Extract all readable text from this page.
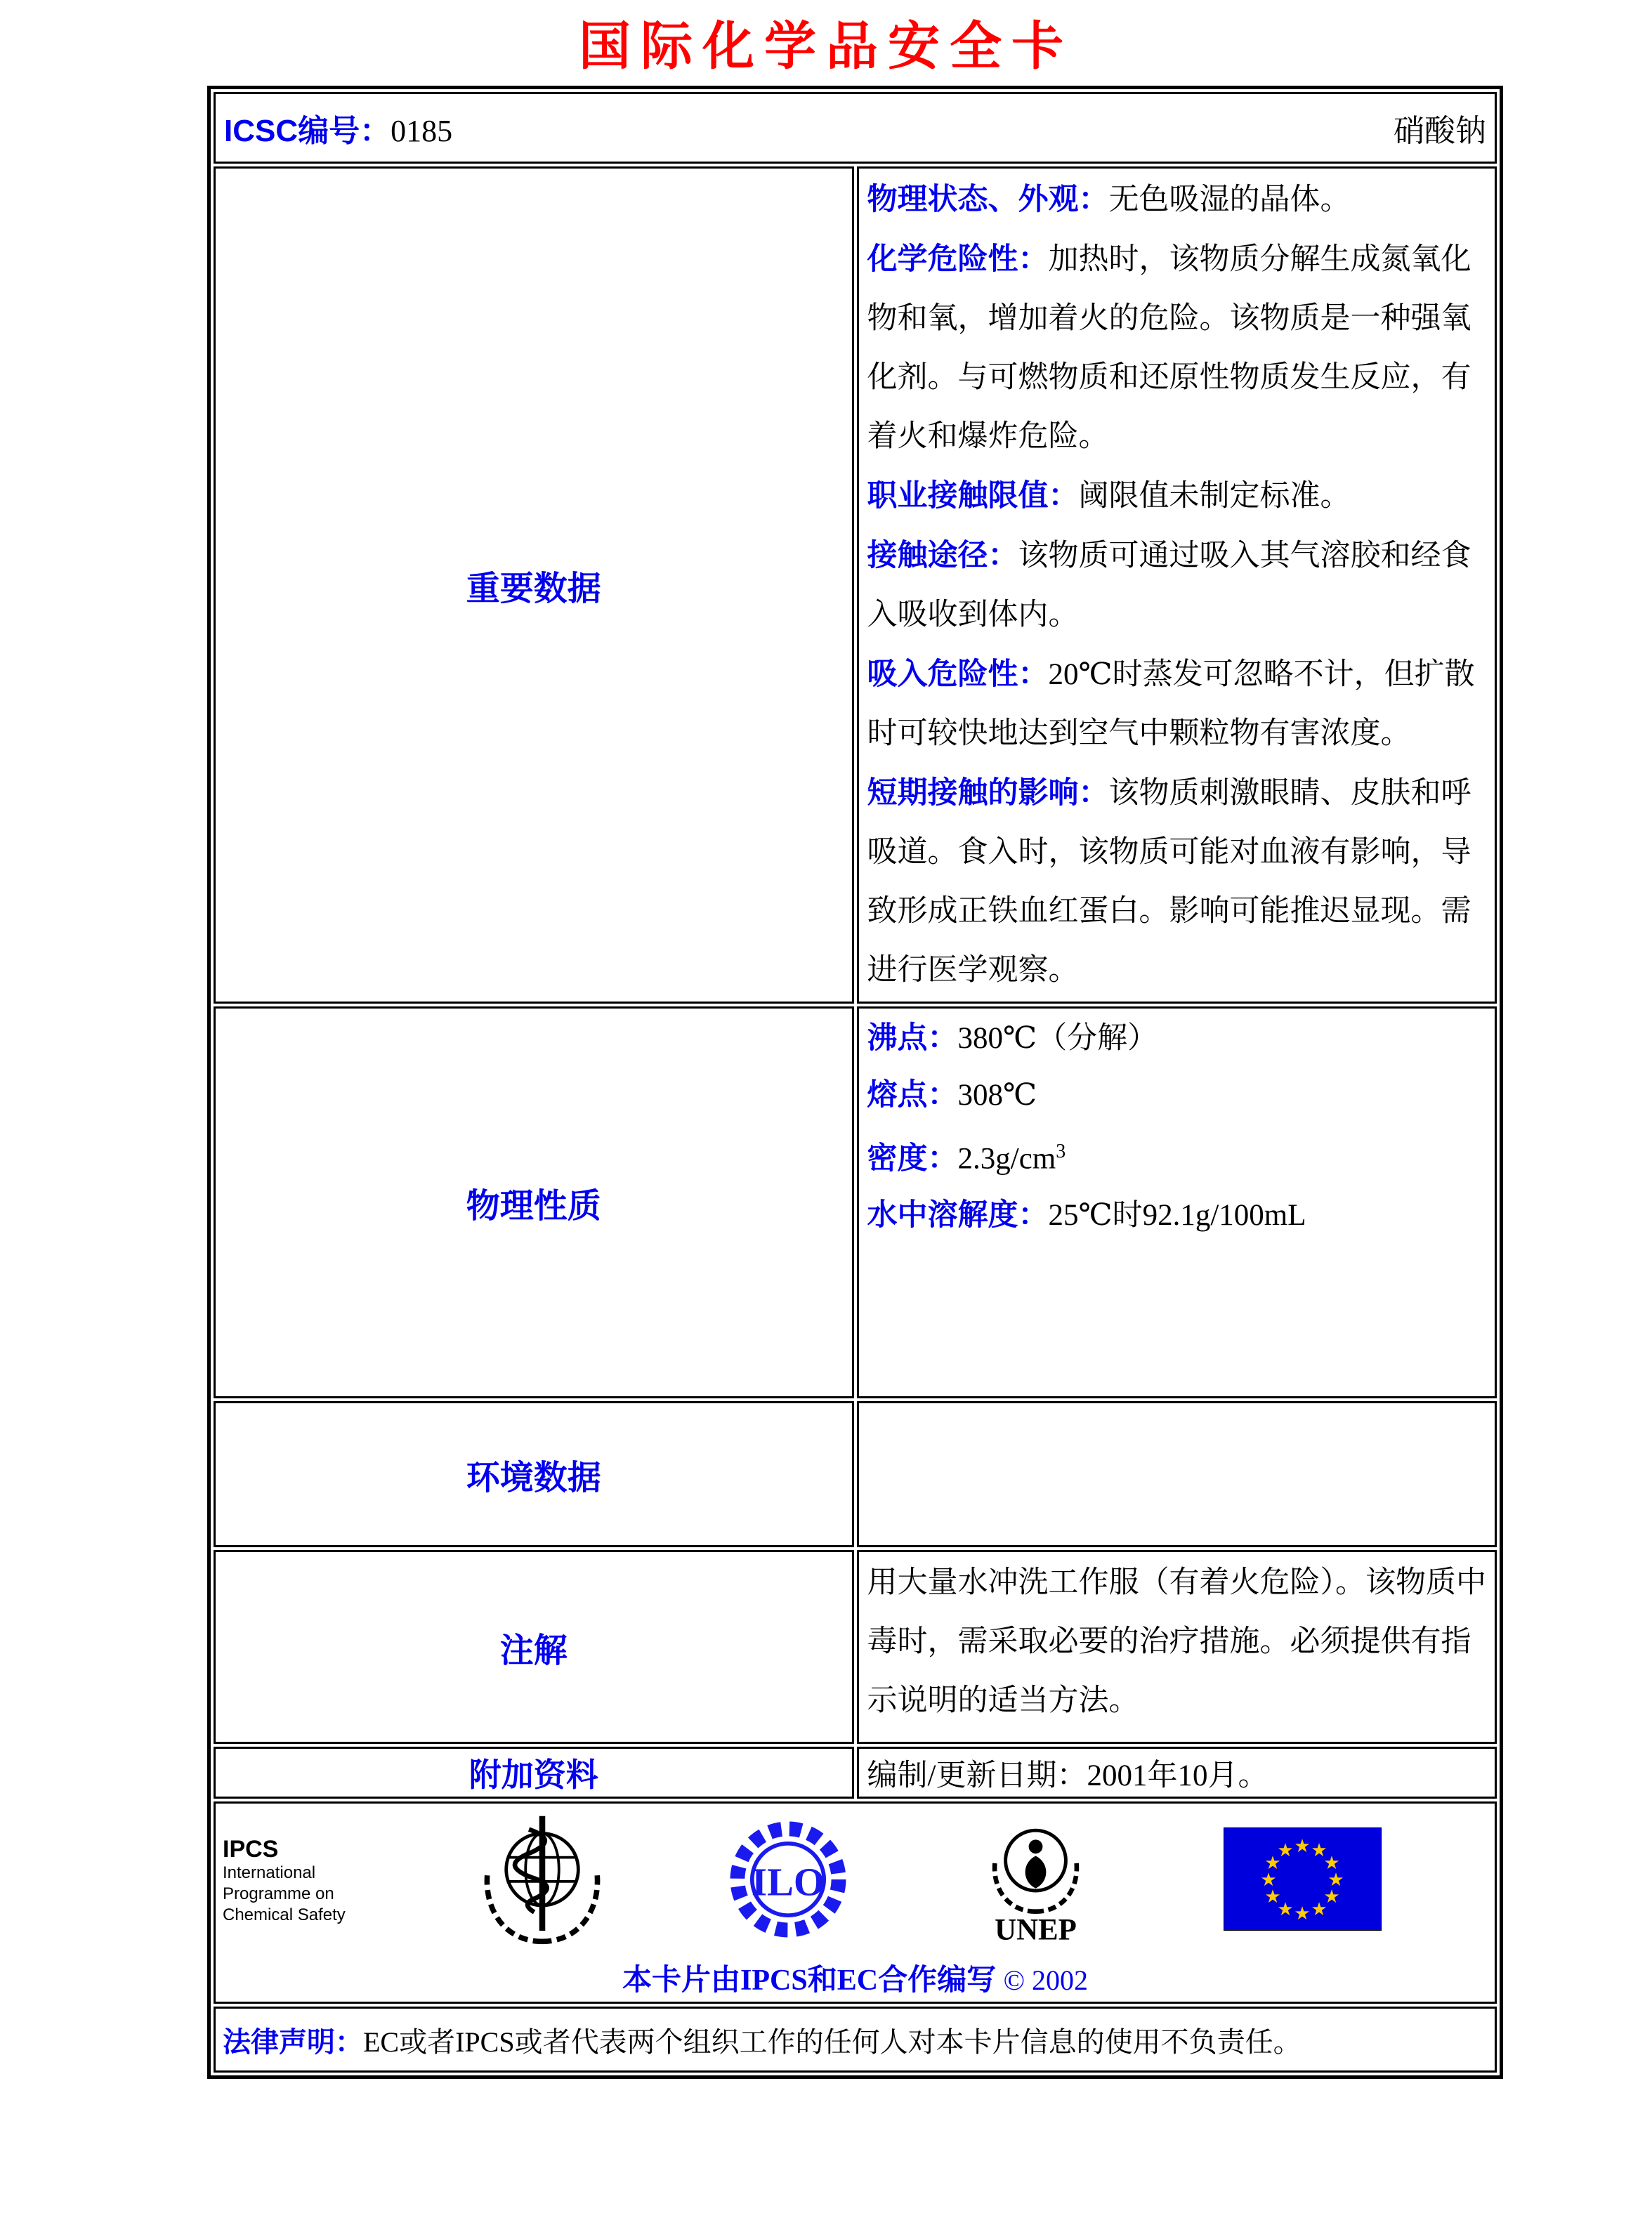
国际化学品安全卡
ICSC编号：0185 硝酸钠	

重要数据	物理状态、外观：无色吸湿的晶体。
化学危险性：加热时，该物质分解生成氮氧化物和氧，增加着火的危险。该物质是一种强氧化剂。与可燃物质和还原性物质发生反应，有着火和爆炸危险。
职业接触限值：阈限值未制定标准。
接触途径：该物质可通过吸入其气溶胶和经食入吸收到体内。
吸入危险性：20℃时蒸发可忽略不计，但扩散时可较快地达到空气中颗粒物有害浓度。
短期接触的影响：该物质刺激眼睛、皮肤和呼吸道。食入时，该物质可能对血液有影响，导致形成正铁血红蛋白。影响可能推迟显现。需进行医学观察。
物理性质	沸点：380℃（分解）
熔点：308℃
密度：$2.3g/cm^3$
水中溶解度：25℃时92.1g/100mL

环境数据	
注解	用大量水冲洗工作服（有着火危险）。该物质中毒时，需采取必要的治疗措施。必须提供有指示说明的适当方法。
附加资料	编制/更新日期：2001年10月。

IPCS
International
Programme on
Chemical Safety
ILO
UNEP
★ ★
★
★
★
★
★
★
★
★
★
★
本卡片由IPCS和EC合作编写 © 2002

法律声明：EC或者IPCS或者代表两个组织工作的任何人对本卡片信息的使用不负责任。	
